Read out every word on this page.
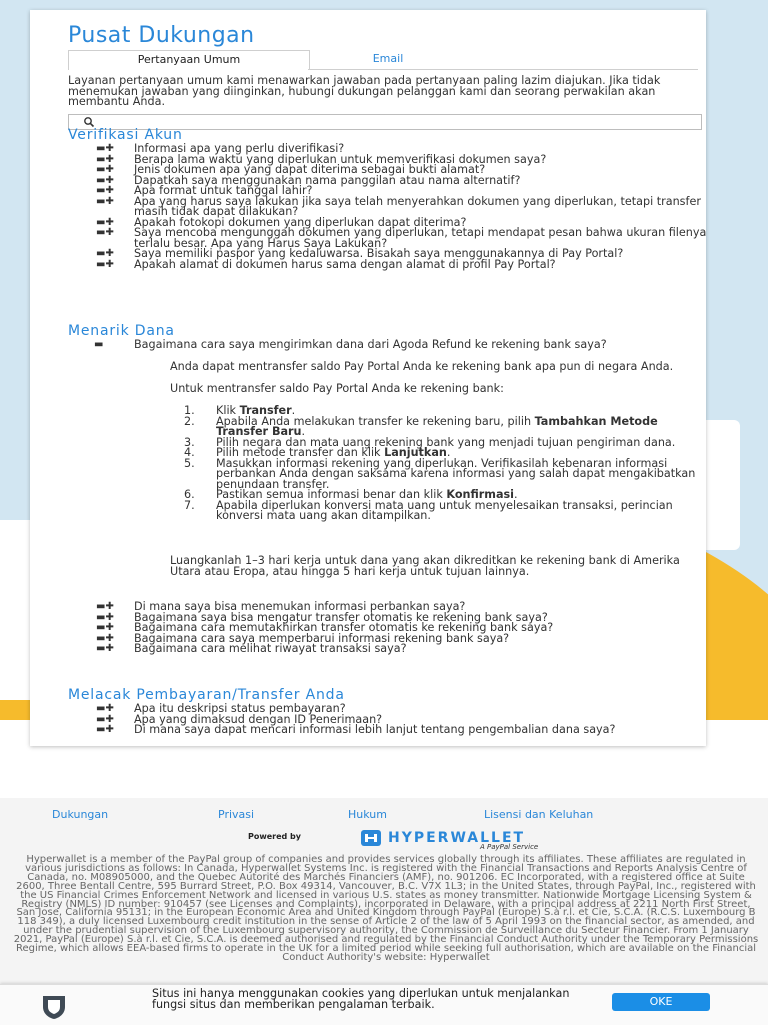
Pusat Dukungan
Pertanyaan Umum	Email
Layanan pertanyaan umum kami menawarkan jawaban pada pertanyaan paling lazim diajukan. Jika tidak menemukan jawaban yang diinginkan, hubungi dukungan pelanggan kami dan seorang perwakilan akan membantu Anda.
Verifikasi Akun
▬✚ Informasi apa yang perlu diverifikasi?
▬✚ Berapa lama waktu yang diperlukan untuk memverifikasi dokumen saya?
▬✚ Jenis dokumen apa yang dapat diterima sebagai bukti alamat?
▬✚ Dapatkah saya menggunakan nama panggilan atau nama alternatif?
▬✚ Apa format untuk tanggal lahir?
▬✚ Apa yang harus saya lakukan jika saya telah menyerahkan dokumen yang diperlukan, tetapi transfer masih tidak dapat dilakukan?
▬✚ Apakah fotokopi dokumen yang diperlukan dapat diterima?
▬✚ Saya mencoba mengunggah dokumen yang diperlukan, tetapi mendapat pesan bahwa ukuran filenya terlalu besar. Apa yang Harus Saya Lakukan?
▬✚ Saya memiliki paspor yang kedaluwarsa. Bisakah saya menggunakannya di Pay Portal?
▬✚ Apakah alamat di dokumen harus sama dengan alamat di profil Pay Portal?
Menarik Dana
▬	Bagaimana cara saya mengirimkan dana dari Agoda Refund ke rekening bank saya?
Anda dapat mentransfer saldo Pay Portal Anda ke rekening bank apa pun di negara Anda.
Untuk mentransfer saldo Pay Portal Anda ke rekening bank:
1. Klik Transfer.
2. Apabila Anda melakukan transfer ke rekening baru, pilih Tambahkan Metode Transfer Baru.
3. Pilih negara dan mata uang rekening bank yang menjadi tujuan pengiriman dana.
4. Pilih metode transfer dan klik Lanjutkan.
5. Masukkan informasi rekening yang diperlukan. Verifikasilah kebenaran informasi perbankan Anda dengan saksama karena informasi yang salah dapat mengakibatkan penundaan transfer.
6. Pastikan semua informasi benar dan klik Konfirmasi.
7. Apabila diperlukan konversi mata uang untuk menyelesaikan transaksi, perincian konversi mata uang akan ditampilkan.
Luangkanlah 1–3 hari kerja untuk dana yang akan dikreditkan ke rekening bank di Amerika Utara atau Eropa, atau hingga 5 hari kerja untuk tujuan lainnya.
▬✚ Di mana saya bisa menemukan informasi perbankan saya?
▬✚ Bagaimana saya bisa mengatur transfer otomatis ke rekening bank saya?
▬✚ Bagaimana cara memutakhirkan transfer otomatis ke rekening bank saya?
▬✚ Bagaimana cara saya memperbarui informasi rekening bank saya?
▬✚ Bagaimana cara melihat riwayat transaksi saya?
Melacak Pembayaran/Transfer Anda
▬✚ Apa itu deskripsi status pembayaran?
▬✚ Apa yang dimaksud dengan ID Penerimaan?
▬✚ Di mana saya dapat mencari informasi lebih lanjut tentang pengembalian dana saya?
Dukungan	Privasi	Hukum	Lisensi dan Keluhan
Powered by	HYPERWALLET
A PayPal Service
Hyperwallet is a member of the PayPal group of companies and provides services globally through its affiliates. These affiliates are regulated in various jurisdictions as follows: In Canada, Hyperwallet Systems Inc. is registered with the Financial Transactions and Reports Analysis Centre of Canada, no. M08905000, and the Quebec Autorité des Marchés Financiers (AMF), no. 901206. EC Incorporated, with a registered office at Suite 2600, Three Bentall Centre, 595 Burrard Street, P.O. Box 49314, Vancouver, B.C. V7X 1L3; in the United States, through PayPal, Inc., registered with the US Financial Crimes Enforcement Network and licensed in various U.S. states as money transmitter. Nationwide Mortgage Licensing System & Registry (NMLS) ID number: 910457 (see Licenses and Complaints), incorporated in Delaware, with a principal address at 2211 North First Street, San Jose, California 95131; in the European Economic Area and United Kingdom through PayPal (Europe) S.à r.l. et Cie, S.C.A. (R.C.S. Luxembourg B 118 349), a duly licensed Luxembourg credit institution in the sense of Article 2 of the law of 5 April 1993 on the financial sector, as amended, and under the prudential supervision of the Luxembourg supervisory authority, the Commission de Surveillance du Secteur Financier. From 1 January 2021, PayPal (Europe) S.à r.l. et Cie, S.C.A. is deemed authorised and regulated by the Financial Conduct Authority under the Temporary Permissions Regime, which allows EEA-based firms to operate in the UK for a limited period while seeking full authorisation, which are available on the Financial Conduct Authority's website: Hyperwallet
Situs ini hanya menggunakan cookies yang diperlukan untuk menjalankan fungsi situs dan memberikan pengalaman terbaik.	OKE
